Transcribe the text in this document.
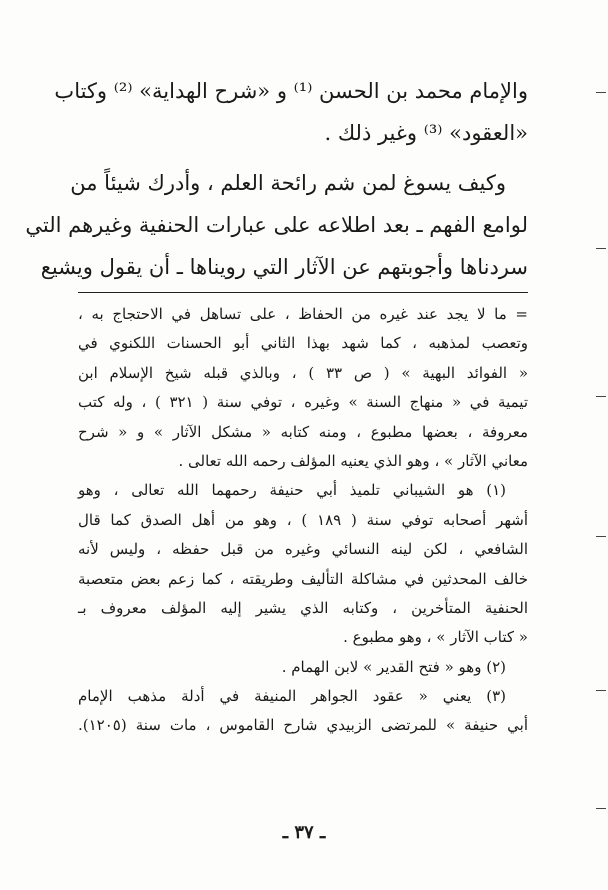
والإمام محمد بن الحسن ⁽¹⁾ و «شرح الهداية» ⁽²⁾ وكتاب
«العقود» ⁽³⁾ وغير ذلك .
وكيف يسوغ لمن شم رائحة العلم ، وأدرك شيئاً من
لوامع الفهم ـ بعد اطلاعه على عبارات الحنفية وغيرهم التي
سردناها وأجوبتهم عن الآثار التي رويناها ـ أن يقول ويشيع
= ما لا يجد عند غيره من الحفاظ ، على تساهل في الاحتجاج به ،
وتعصب لمذهبه ، كما شهد بهذا الثاني أبو الحسنات اللكنوي في
« الفوائد البهية » ( ص ٣٣ ) ، وبالذي قبله شيخ الإسلام ابن
تيمية في « منهاج السنة » وغيره ، توفي سنة ( ٣٢١ ) ، وله كتب
معروفة ، بعضها مطبوع ، ومنه كتابه « مشكل الآثار » و « شرح
معاني الآثار » ، وهو الذي يعنيه المؤلف رحمه الله تعالى .
(١) هو الشيباني تلميذ أبي حنيفة رحمهما الله تعالى ، وهو
أشهر أصحابه توفي سنة ( ١٨٩ ) ، وهو من أهل الصدق كما قال
الشافعي ، لكن لينه النسائي وغيره من قبل حفظه ، وليس لأنه
خالف المحدثين في مشاكلة التأليف وطريقته ، كما زعم بعض متعصبة
الحنفية المتأخرين ، وكتابه الذي يشير إليه المؤلف معروف بـ
« كتاب الآثار » ، وهو مطبوع .
(٢) وهو « فتح القدير » لابن الهمام .
(٣) يعني « عقود الجواهر المنيفة في أدلة مذهب الإمام
أبي حنيفة » للمرتضى الزبيدي شارح القاموس ، مات سنة (١٢٠٥).
ـ ٣٧ ـ
